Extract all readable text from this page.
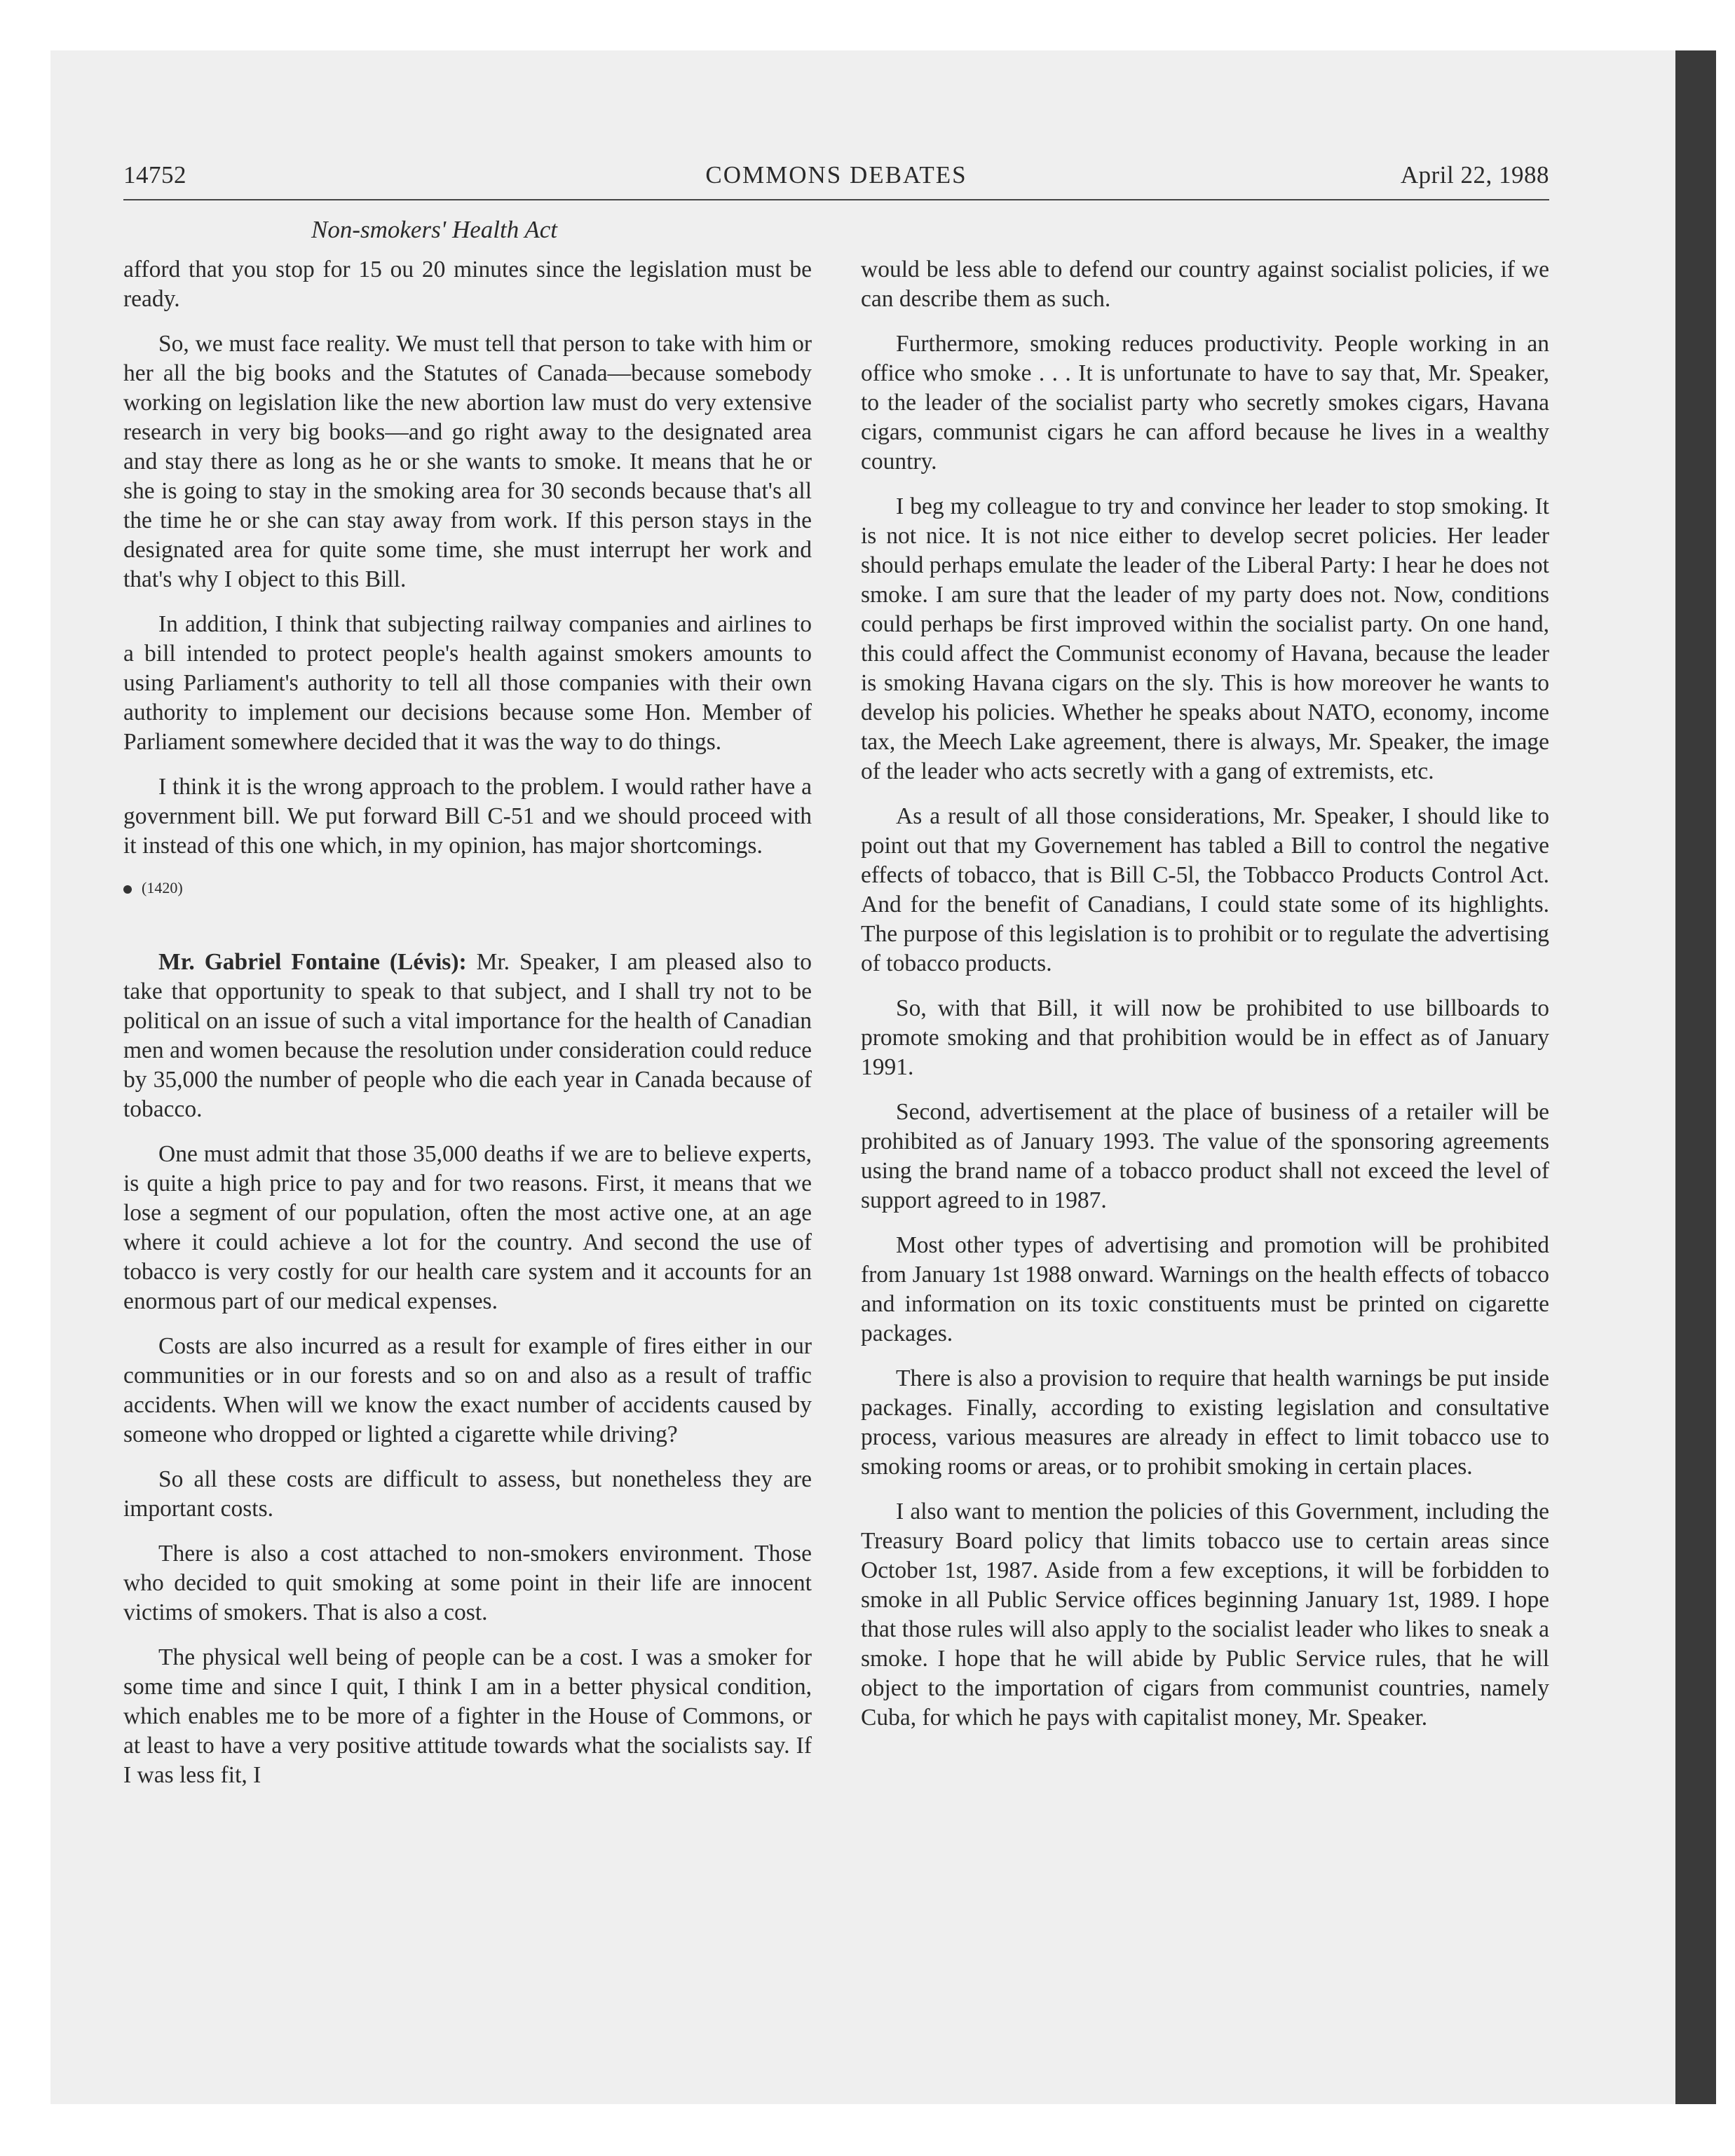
14752	COMMONS DEBATES	April 22, 1988
Non-smokers' Health Act

afford that you stop for 15 ou 20 minutes since the legislation must be ready.

So, we must face reality. We must tell that person to take with him or her all the big books and the Statutes of Canada—because somebody working on legislation like the new abortion law must do very extensive research in very big books—and go right away to the designated area and stay there as long as he or she wants to smoke. It means that he or she is going to stay in the smoking area for 30 seconds because that's all the time he or she can stay away from work. If this person stays in the designated area for quite some time, she must interrupt her work and that's why I object to this Bill.

In addition, I think that subjecting railway companies and airlines to a bill intended to protect people's health against smokers amounts to using Parliament's authority to tell all those companies with their own authority to implement our decisions because some Hon. Member of Parliament somewhere decided that it was the way to do things.

I think it is the wrong approach to the problem. I would rather have a government bill. We put forward Bill C-51 and we should proceed with it instead of this one which, in my opinion, has major shortcomings.

(1420)

Mr. Gabriel Fontaine (Lévis): Mr. Speaker, I am pleased also to take that opportunity to speak to that subject, and I shall try not to be political on an issue of such a vital importance for the health of Canadian men and women because the resolution under consideration could reduce by 35,000 the number of people who die each year in Canada because of tobacco.

One must admit that those 35,000 deaths if we are to believe experts, is quite a high price to pay and for two reasons. First, it means that we lose a segment of our population, often the most active one, at an age where it could achieve a lot for the country. And second the use of tobacco is very costly for our health care system and it accounts for an enormous part of our medical expenses.

Costs are also incurred as a result for example of fires either in our communities or in our forests and so on and also as a result of traffic accidents. When will we know the exact number of accidents caused by someone who dropped or lighted a cigarette while driving?

So all these costs are difficult to assess, but nonetheless they are important costs.

There is also a cost attached to non-smokers environment. Those who decided to quit smoking at some point in their life are innocent victims of smokers. That is also a cost.

The physical well being of people can be a cost. I was a smoker for some time and since I quit, I think I am in a better physical condition, which enables me to be more of a fighter in the House of Commons, or at least to have a very positive attitude towards what the socialists say. If I was less fit, I

would be less able to defend our country against socialist policies, if we can describe them as such.

Furthermore, smoking reduces productivity. People working in an office who smoke . . . It is unfortunate to have to say that, Mr. Speaker, to the leader of the socialist party who secretly smokes cigars, Havana cigars, communist cigars he can afford because he lives in a wealthy country.

I beg my colleague to try and convince her leader to stop smoking. It is not nice. It is not nice either to develop secret policies. Her leader should perhaps emulate the leader of the Liberal Party: I hear he does not smoke. I am sure that the leader of my party does not. Now, conditions could perhaps be first improved within the socialist party. On one hand, this could affect the Communist economy of Havana, because the leader is smoking Havana cigars on the sly. This is how moreover he wants to develop his policies. Whether he speaks about NATO, economy, income tax, the Meech Lake agreement, there is always, Mr. Speaker, the image of the leader who acts secretly with a gang of extremists, etc.

As a result of all those considerations, Mr. Speaker, I should like to point out that my Governement has tabled a Bill to control the negative effects of tobacco, that is Bill C-5l, the Tobbacco Products Control Act. And for the benefit of Canadians, I could state some of its highlights. The purpose of this legislation is to prohibit or to regulate the advertising of tobacco products.

So, with that Bill, it will now be prohibited to use billboards to promote smoking and that prohibition would be in effect as of January 1991.

Second, advertisement at the place of business of a retailer will be prohibited as of January 1993. The value of the sponsoring agreements using the brand name of a tobacco product shall not exceed the level of support agreed to in 1987.

Most other types of advertising and promotion will be prohibited from January 1st 1988 onward. Warnings on the health effects of tobacco and information on its toxic constituents must be printed on cigarette packages.

There is also a provision to require that health warnings be put inside packages. Finally, according to existing legislation and consultative process, various measures are already in effect to limit tobacco use to smoking rooms or areas, or to prohibit smoking in certain places.

I also want to mention the policies of this Government, including the Treasury Board policy that limits tobacco use to certain areas since October 1st, 1987. Aside from a few exceptions, it will be forbidden to smoke in all Public Service offices beginning January 1st, 1989. I hope that those rules will also apply to the socialist leader who likes to sneak a smoke. I hope that he will abide by Public Service rules, that he will object to the importation of cigars from communist countries, namely Cuba, for which he pays with capitalist money, Mr. Speaker.
